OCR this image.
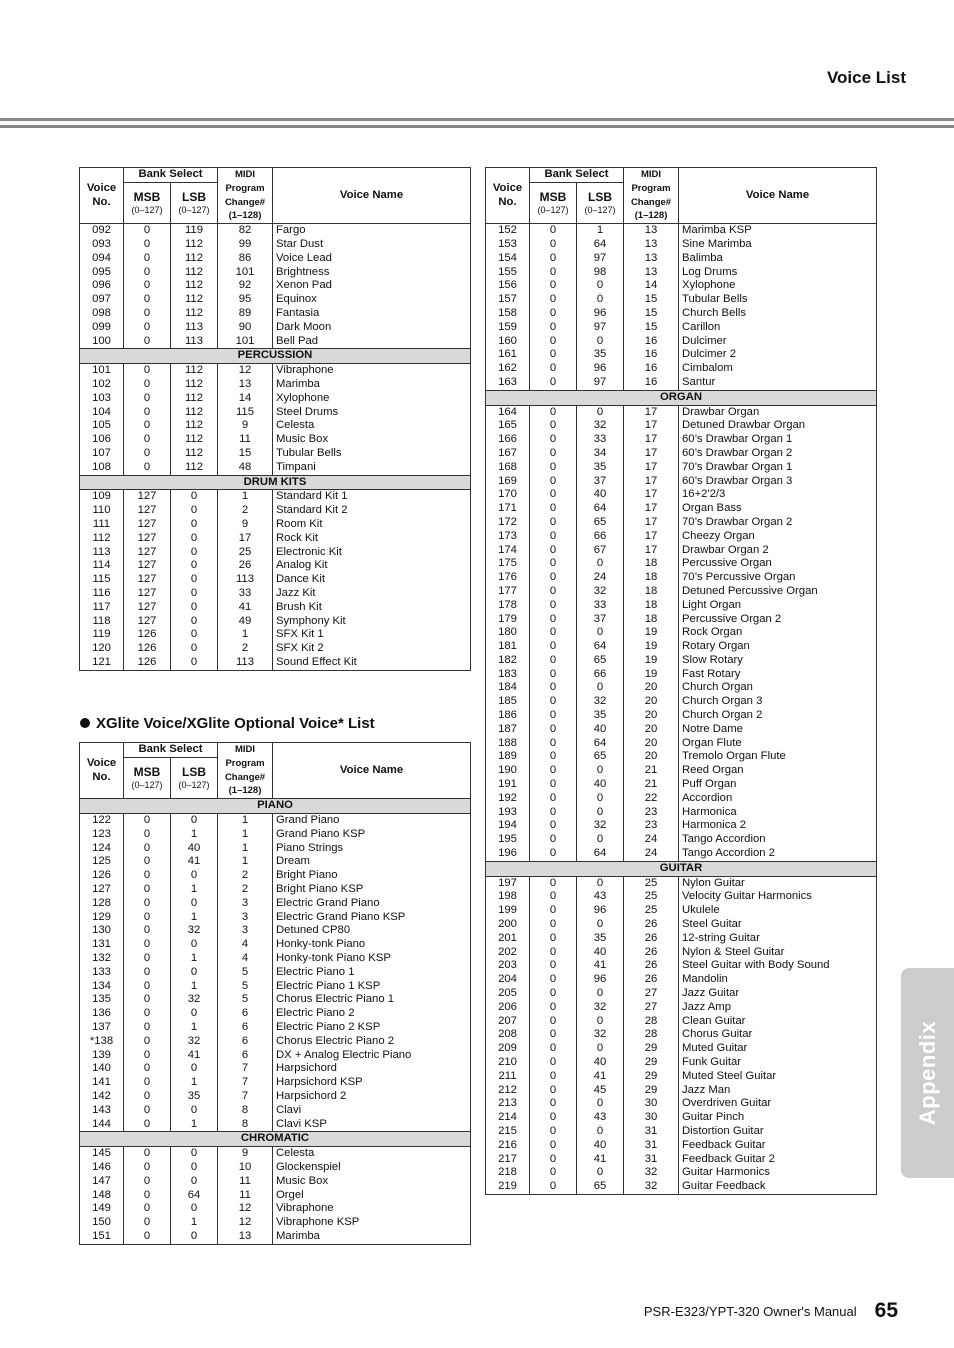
Voice List
XGlite Voice/XGlite Optional Voice* List
Appendix
PSR-E323/YPT-320 Owner's Manual 65
Voice No.	Bank Select		MIDI
Program
Change#
(1–128)	Voice Name
	MSB
(0–127)	LSB
(0–127)		

092	0	119	82	Fargo
093	0	112	99	Star Dust
094	0	112	86	Voice Lead
095	0	112	101	Brightness
096	0	112	92	Xenon Pad
097	0	112	95	Equinox
098	0	112	89	Fantasia
099	0	113	90	Dark Moon
100	0	113	101	Bell Pad
PERCUSSION				
101	0	112	12	Vibraphone
102	0	112	13	Marimba
103	0	112	14	Xylophone
104	0	112	115	Steel Drums
105	0	112	9	Celesta
106	0	112	11	Music Box
107	0	112	15	Tubular Bells
108	0	112	48	Timpani
DRUM KITS				
109	127	0	1	Standard Kit 1
110	127	0	2	Standard Kit 2
111	127	0	9	Room Kit
112	127	0	17	Rock Kit
113	127	0	25	Electronic Kit
114	127	0	26	Analog Kit
115	127	0	113	Dance Kit
116	127	0	33	Jazz Kit
117	127	0	41	Brush Kit
118	127	0	49	Symphony Kit
119	126	0	1	SFX Kit 1
120	126	0	2	SFX Kit 2
121	126	0	113	Sound Effect Kit
Voice No.	Bank Select		MIDI
Program
Change#
(1–128)	Voice Name
	MSB
(0–127)	LSB
(0–127)		

PIANO				
122	0	0	1	Grand Piano
123	0	1	1	Grand Piano KSP
124	0	40	1	Piano Strings
125	0	41	1	Dream
126	0	0	2	Bright Piano
127	0	1	2	Bright Piano KSP
128	0	0	3	Electric Grand Piano
129	0	1	3	Electric Grand Piano KSP
130	0	32	3	Detuned CP80
131	0	0	4	Honky-tonk Piano
132	0	1	4	Honky-tonk Piano KSP
133	0	0	5	Electric Piano 1
134	0	1	5	Electric Piano 1 KSP
135	0	32	5	Chorus Electric Piano 1
136	0	0	6	Electric Piano 2
137	0	1	6	Electric Piano 2 KSP
*138	0	32	6	Chorus Electric Piano 2
139	0	41	6	DX + Analog Electric Piano
140	0	0	7	Harpsichord
141	0	1	7	Harpsichord KSP
142	0	35	7	Harpsichord 2
143	0	0	8	Clavi
144	0	1	8	Clavi KSP
CHROMATIC				
145	0	0	9	Celesta
146	0	0	10	Glockenspiel
147	0	0	11	Music Box
148	0	64	11	Orgel
149	0	0	12	Vibraphone
150	0	1	12	Vibraphone KSP
151	0	0	13	Marimba
Voice No.	Bank Select		MIDI
Program
Change#
(1–128)	Voice Name
	MSB
(0–127)	LSB
(0–127)		

152	0	1	13	Marimba KSP
153	0	64	13	Sine Marimba
154	0	97	13	Balimba
155	0	98	13	Log Drums
156	0	0	14	Xylophone
157	0	0	15	Tubular Bells
158	0	96	15	Church Bells
159	0	97	15	Carillon
160	0	0	16	Dulcimer
161	0	35	16	Dulcimer 2
162	0	96	16	Cimbalom
163	0	97	16	Santur
ORGAN				
164	0	0	17	Drawbar Organ
165	0	32	17	Detuned Drawbar Organ
166	0	33	17	60’s Drawbar Organ 1
167	0	34	17	60’s Drawbar Organ 2
168	0	35	17	70’s Drawbar Organ 1
169	0	37	17	60’s Drawbar Organ 3
170	0	40	17	16+2'2/3
171	0	64	17	Organ Bass
172	0	65	17	70’s Drawbar Organ 2
173	0	66	17	Cheezy Organ
174	0	67	17	Drawbar Organ 2
175	0	0	18	Percussive Organ
176	0	24	18	70’s Percussive Organ
177	0	32	18	Detuned Percussive Organ
178	0	33	18	Light Organ
179	0	37	18	Percussive Organ 2
180	0	0	19	Rock Organ
181	0	64	19	Rotary Organ
182	0	65	19	Slow Rotary
183	0	66	19	Fast Rotary
184	0	0	20	Church Organ
185	0	32	20	Church Organ 3
186	0	35	20	Church Organ 2
187	0	40	20	Notre Dame
188	0	64	20	Organ Flute
189	0	65	20	Tremolo Organ Flute
190	0	0	21	Reed Organ
191	0	40	21	Puff Organ
192	0	0	22	Accordion
193	0	0	23	Harmonica
194	0	32	23	Harmonica 2
195	0	0	24	Tango Accordion
196	0	64	24	Tango Accordion 2
GUITAR				
197	0	0	25	Nylon Guitar
198	0	43	25	Velocity Guitar Harmonics
199	0	96	25	Ukulele
200	0	0	26	Steel Guitar
201	0	35	26	12-string Guitar
202	0	40	26	Nylon & Steel Guitar
203	0	41	26	Steel Guitar with Body Sound
204	0	96	26	Mandolin
205	0	0	27	Jazz Guitar
206	0	32	27	Jazz Amp
207	0	0	28	Clean Guitar
208	0	32	28	Chorus Guitar
209	0	0	29	Muted Guitar
210	0	40	29	Funk Guitar
211	0	41	29	Muted Steel Guitar
212	0	45	29	Jazz Man
213	0	0	30	Overdriven Guitar
214	0	43	30	Guitar Pinch
215	0	0	31	Distortion Guitar
216	0	40	31	Feedback Guitar
217	0	41	31	Feedback Guitar 2
218	0	0	32	Guitar Harmonics
219	0	65	32	Guitar Feedback
